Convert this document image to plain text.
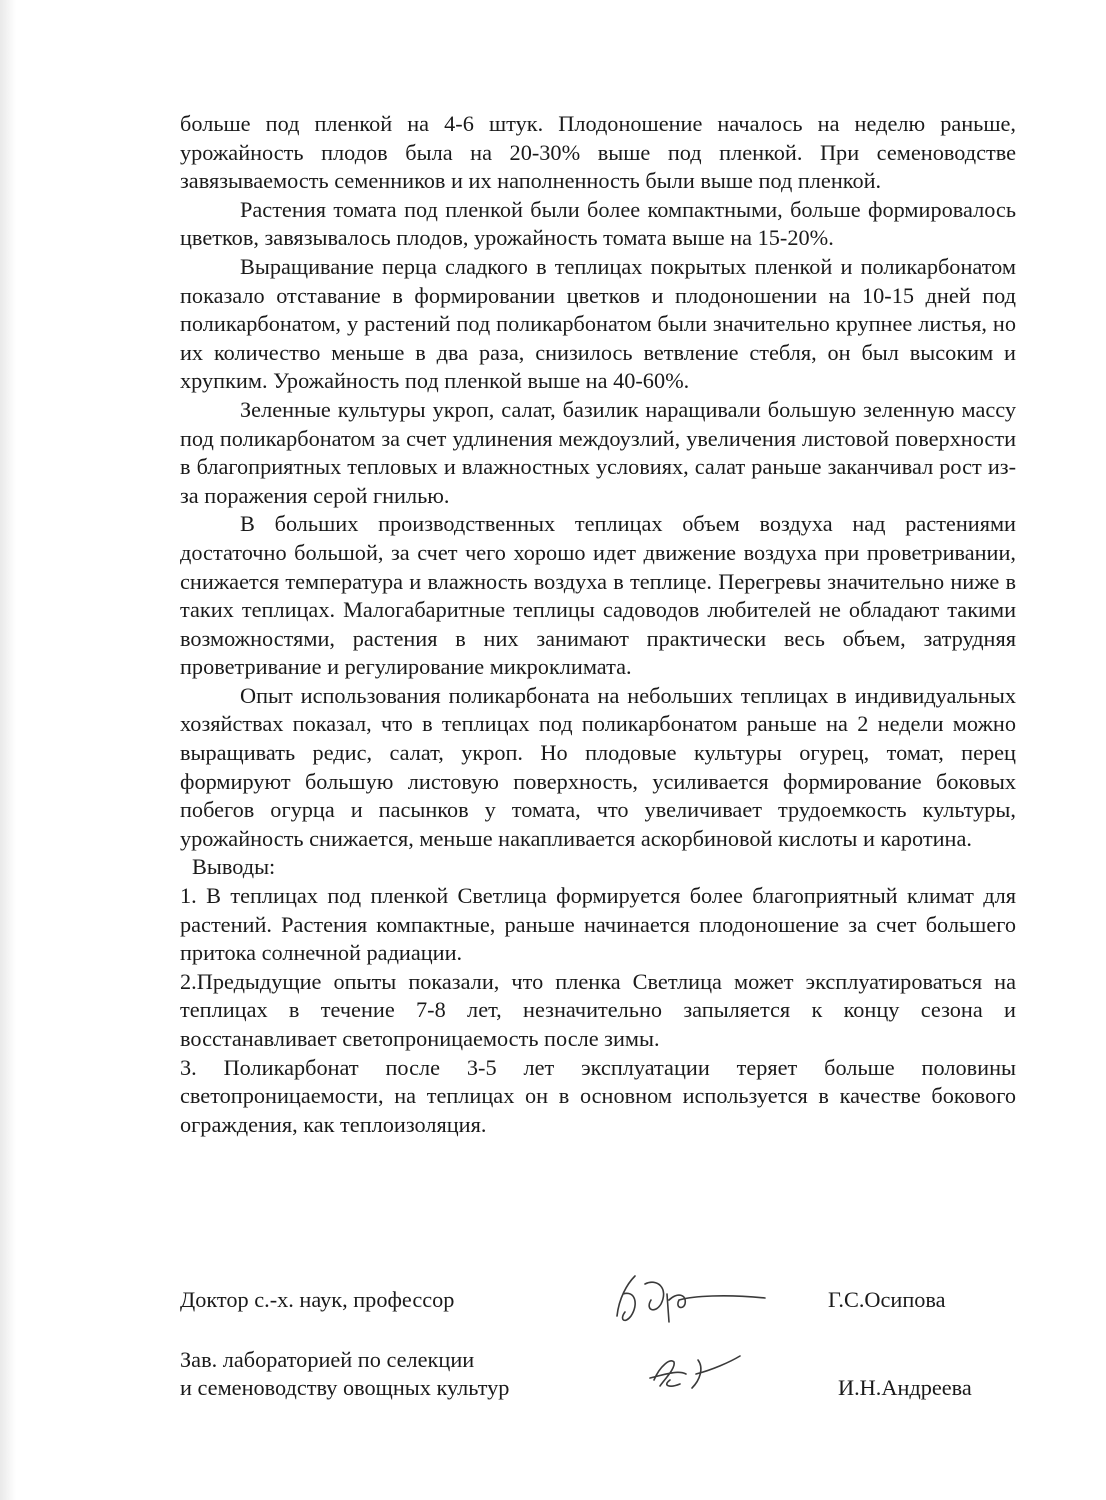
больше под пленкой на 4-6 штук. Плодоношение началось на неделю раньше, урожайность плодов была на 20-30% выше под пленкой. При семеноводстве завязываемость семенников и их наполненность были выше под пленкой.

Растения томата под пленкой были более компактными, больше формировалось цветков, завязывалось плодов, урожайность томата выше на 15-20%.

Выращивание перца сладкого в теплицах покрытых пленкой и поликарбонатом показало отставание в формировании цветков и плодоношении на 10-15 дней под поликарбонатом, у растений под поликарбонатом были значительно крупнее листья, но их количество меньше в два раза, снизилось ветвление стебля, он был высоким и хрупким. Урожайность под пленкой выше на 40-60%.

Зеленные культуры укроп, салат, базилик наращивали большую зеленную массу под поликарбонатом за счет удлинения междоузлий, увеличения листовой поверхности в благоприятных тепловых и влажностных условиях, салат раньше заканчивал рост из-за поражения серой гнилью.

В больших производственных теплицах объем воздуха над растениями достаточно большой, за счет чего хорошо идет движение воздуха при проветривании, снижается температура и влажность воздуха в теплице. Перегревы значительно ниже в таких теплицах. Малогабаритные теплицы садоводов любителей не обладают такими возможностями, растения в них занимают практически весь объем, затрудняя проветривание и регулирование микроклимата.

Опыт использования поликарбоната на небольших теплицах в индивидуальных хозяйствах показал, что в теплицах под поликарбонатом раньше на 2 недели можно выращивать редис, салат, укроп. Но плодовые культуры огурец, томат, перец формируют большую листовую поверхность, усиливается формирование боковых побегов огурца и пасынков у томата, что увеличивает трудоемкость культуры, урожайность снижается, меньше накапливается аскорбиновой кислоты и каротина.

Выводы:

1. В теплицах под пленкой Светлица формируется более благоприятный климат для растений. Растения компактные, раньше начинается плодоношение за счет большего притока солнечной радиации.

2.Предыдущие опыты показали, что пленка Светлица может эксплуатироваться на теплицах в течение 7-8 лет, незначительно запыляется к концу сезона и восстанавливает светопроницаемость после зимы.

3. Поликарбонат после 3-5 лет эксплуатации теряет больше половины светопроницаемости, на теплицах он в основном используется в качестве бокового ограждения, как теплоизоляция.

Доктор с.-х. наук, профессор	Г.С.Осипова
Зав. лабораторией по селекции
и семеноводству овощных культур	И.Н.Андреева
